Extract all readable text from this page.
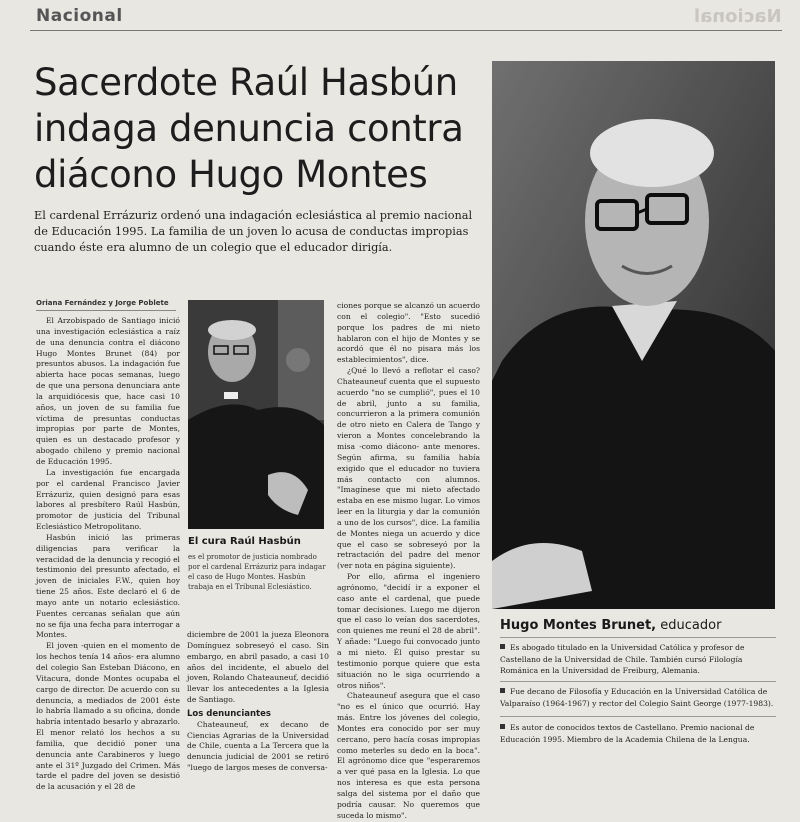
Nacional	Nacional
Sacerdote Raúl Hasbún
indaga denuncia contra
diácono Hugo Montes
El cardenal Errázuriz ordenó una indagación eclesiástica al premio nacional de Educación 1995. La familia de un joven lo acusa de conductas impropias cuando éste era alumno de un colegio que el educador dirigía.
Oriana Fernández y Jorge Poblete

El Arzobispado de Santiago inició una investigación eclesiástica a raíz de una denuncia contra el diácono Hugo Montes Brunet (84) por presuntos abusos. La indagación fue abierta hace pocas semanas, luego de que una persona denunciara ante la arquidiócesis que, hace casi 10 años, un joven de su familia fue víctima de presuntas conductas impropias por parte de Montes, quien es un destacado profesor y abogado chileno y premio nacional de Educación 1995.

La investigación fue encargada por el cardenal Francisco Javier Errázuriz, quien designó para esas labores al presbítero Raúl Hasbún, promotor de justicia del Tribunal Eclesiástico Metropolitano.

Hasbún inició las primeras diligencias para verificar la veracidad de la denuncia y recogió el testimonio del presunto afectado, el joven de iniciales F.W., quien hoy tiene 25 años. Este declaró el 6 de mayo ante un notario eclesiástico. Fuentes cercanas señalan que aún no se fija una fecha para interrogar a Montes.

El joven -quien en el momento de los hechos tenía 14 años- era alumno del colegio San Esteban Diácono, en Vitacura, donde Montes ocupaba el cargo de director. De acuerdo con su denuncia, a mediados de 2001 éste lo habría llamado a su oficina, donde habría intentado besarlo y abrazarlo. El menor relató los hechos a su familia, que decidió poner una denuncia ante Carabineros y luego ante el 31º Juzgado del Crimen. Más tarde el padre del joven se desistió de la acusación y el 28 de

El cura Raúl Hasbún
es el promotor de justicia nombrado por el cardenal Errázuriz para indagar el caso de Hugo Montes. Hasbún trabaja en el Tribunal Eclesiástico.

diciembre de 2001 la jueza Eleonora Domínguez sobreseyó el caso. Sin embargo, en abril pasado, a casi 10 años del incidente, el abuelo del joven, Rolando Chateauneuf, decidió llevar los antecedentes a la Iglesia de Santiago.

Los denunciantes

Chateauneuf, ex decano de Ciencias Agrarias de la Universidad de Chile, cuenta a La Tercera que la denuncia judicial de 2001 se retiró "luego de largos meses de conversa-

ciones porque se alcanzó un acuerdo con el colegio". "Esto sucedió porque los padres de mi nieto hablaron con el hijo de Montes y se acordó que él no pisara más los establecimientos", dice.

¿Qué lo llevó a reflotar el caso? Chateauneuf cuenta que el supuesto acuerdo "no se cumplió", pues el 10 de abril, junto a su familia, concurrieron a la primera comunión de otro nieto en Calera de Tango y vieron a Montes concelebrando la misa -como diácono- ante menores. Según afirma, su familia había exigido que el educador no tuviera más contacto con alumnos. "Imagínese que mi nieto afectado estaba en ese mismo lugar. Lo vimos leer en la liturgia y dar la comunión a uno de los cursos", dice. La familia de Montes niega un acuerdo y dice que el caso se sobreseyó por la retractación del padre del menor (ver nota en página siguiente).

Por ello, afirma el ingeniero agrónomo, "decidí ir a exponer el caso ante el cardenal, que puede tomar decisiones. Luego me dijeron que el caso lo veían dos sacerdotes, con quienes me reuní el 28 de abril". Y añade: "Luego fui convocado junto a mi nieto. Él quiso prestar su testimonio porque quiere que esta situación no le siga ocurriendo a otros niños".

Chateauneuf asegura que el caso "no es el único que ocurrió. Hay más. Entre los jóvenes del colegio, Montes era conocido por ser muy cercano, pero hacía cosas impropias como meterles su dedo en la boca". El agrónomo dice que "esperaremos a ver qué pasa en la Iglesia. Lo que nos interesa es que esta persona salga del sistema por el daño que podría causar. No queremos que suceda lo mismo".

Hugo Montes Brunet, educador
Es abogado titulado en la Universidad Católica y profesor de Castellano de la Universidad de Chile. También cursó Filología Románica en la Universidad de Freiburg, Alemania.
Fue decano de Filosofía y Educación en la Universidad Católica de Valparaíso (1964-1967) y rector del Colegio Saint George (1977-1983).
Es autor de conocidos textos de Castellano. Premio nacional de Educación 1995. Miembro de la Academia Chilena de la Lengua.
